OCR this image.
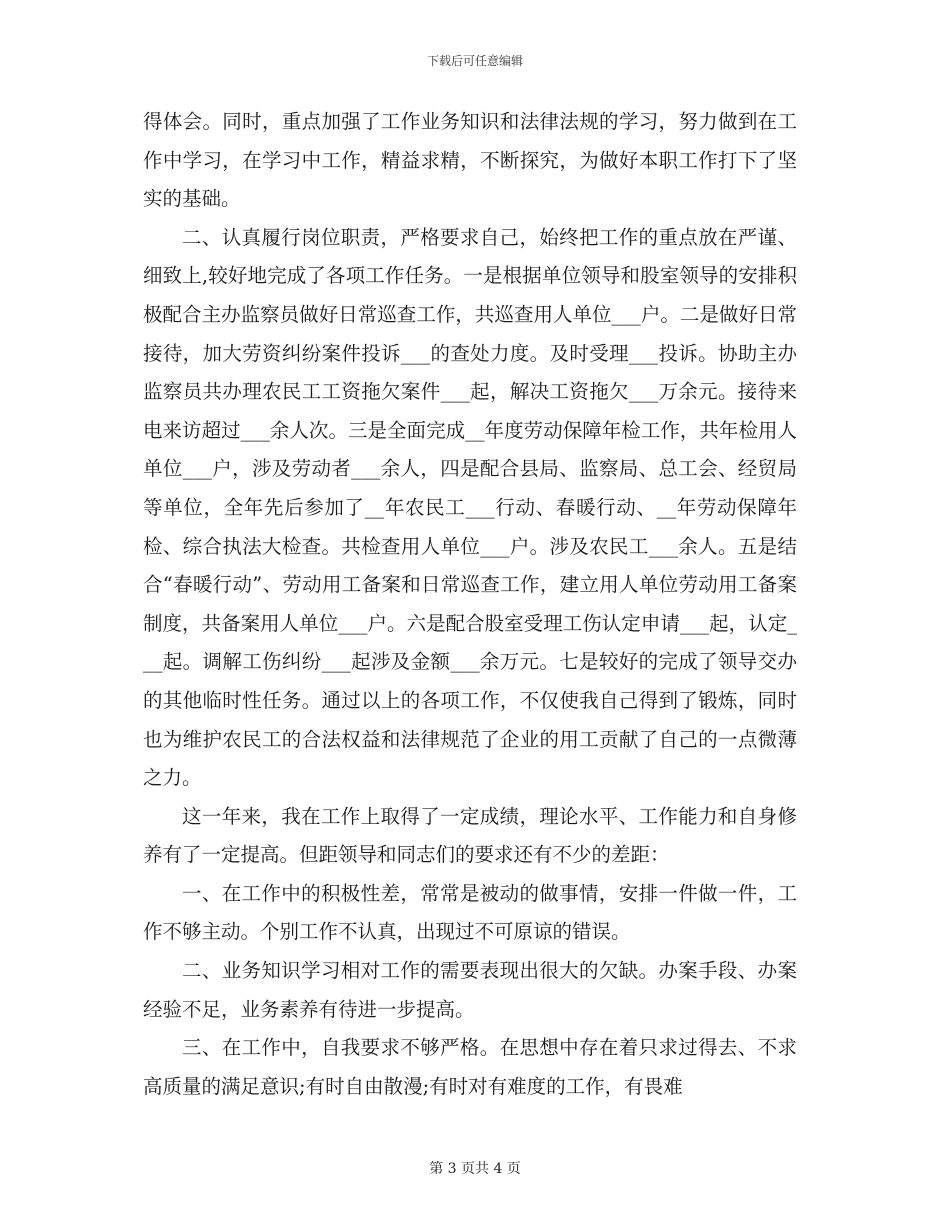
下载后可任意编辑

得体会。同时，重点加强了工作业务知识和法律法规的学习，努力做到在工作中学习，在学习中工作，精益求精，不断探究，为做好本职工作打下了坚实的基础。

二、认真履行岗位职责，严格要求自己，始终把工作的重点放在严谨、细致上,较好地完成了各项工作任务。一是根据单位领导和股室领导的安排积极配合主办监察员做好日常巡查工作，共巡查用人单位___户。二是做好日常接待，加大劳资纠纷案件投诉___的查处力度。及时受理___投诉。协助主办监察员共办理农民工工资拖欠案件___起，解决工资拖欠___万余元。接待来电来访超过___余人次。三是全面完成__年度劳动保障年检工作，共年检用人单位___户，涉及劳动者___余人，四是配合县局、监察局、总工会、经贸局等单位，全年先后参加了__年农民工___行动、春暖行动、__年劳动保障年检、综合执法大检查。共检查用人单位___户。涉及农民工___余人。五是结合“春暖行动”、劳动用工备案和日常巡查工作，建立用人单位劳动用工备案制度，共备案用人单位___户。六是配合股室受理工伤认定申请___起，认定___起。调解工伤纠纷___起涉及金额___余万元。七是较好的完成了领导交办的其他临时性任务。通过以上的各项工作，不仅使我自己得到了锻炼，同时也为维护农民工的合法权益和法律规范了企业的用工贡献了自己的一点微薄之力。

这一年来，我在工作上取得了一定成绩，理论水平、工作能力和自身修养有了一定提高。但距领导和同志们的要求还有不少的差距：

一、在工作中的积极性差，常常是被动的做事情，安排一件做一件，工作不够主动。个别工作不认真，出现过不可原谅的错误。

二、业务知识学习相对工作的需要表现出很大的欠缺。办案手段、办案经验不足，业务素养有待进一步提高。

三、在工作中，自我要求不够严格。在思想中存在着只求过得去、不求高质量的满足意识;有时自由散漫;有时对有难度的工作，有畏难

第 3 页共 4 页
